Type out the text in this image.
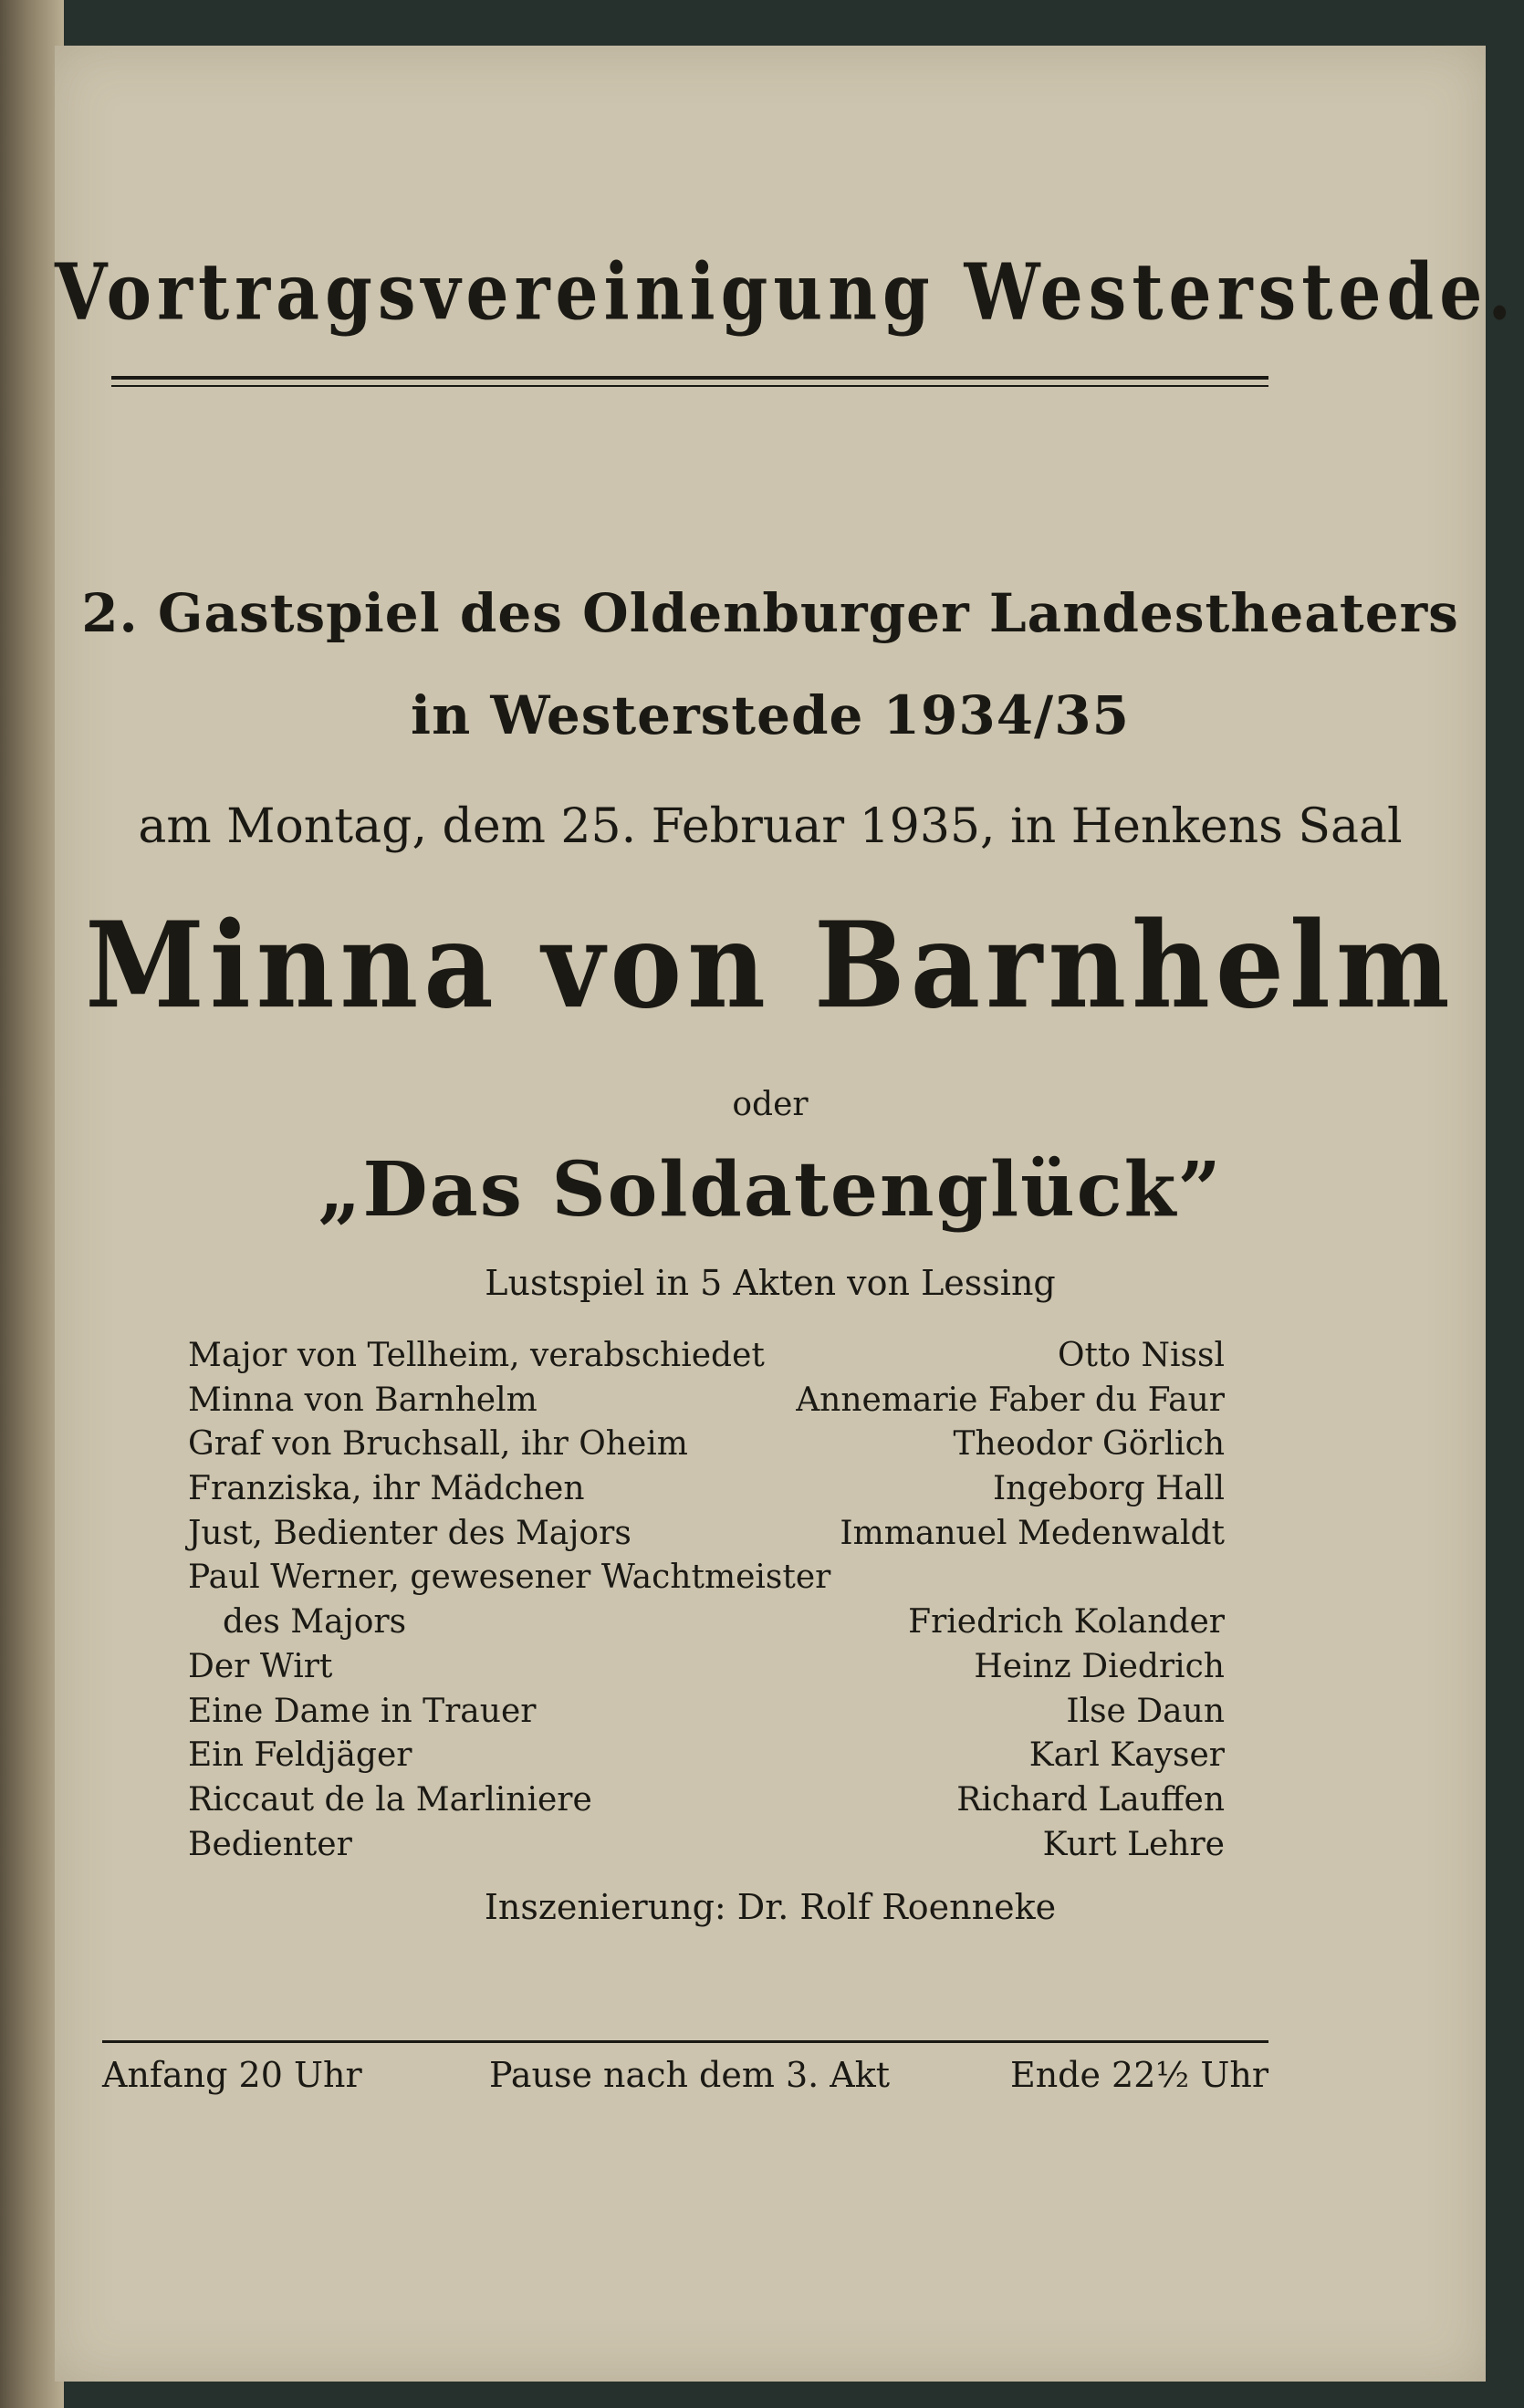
Vortragsvereinigung Westerstede.
2. Gastspiel des Oldenburger Landestheaters
in Westerstede 1934/35
am Montag, dem 25. Februar 1935, in Henkens Saal
Minna von Barnhelm
oder
„Das Soldatenglück”
Lustspiel in 5 Akten von Lessing
Major von Tellheim, verabschiedet	Otto Nissl
Minna von Barnhelm	Annemarie Faber du Faur
Graf von Bruchsall, ihr Oheim	Theodor Görlich
Franziska, ihr Mädchen	Ingeborg Hall
Just, Bedienter des Majors	Immanuel Medenwaldt
Paul Werner, gewesener Wachtmeister
des Majors	Friedrich Kolander
Der Wirt	Heinz Diedrich
Eine Dame in Trauer	Ilse Daun
Ein Feldjäger	Karl Kayser
Riccaut de la Marliniere	Richard Lauffen
Bedienter	Kurt Lehre
Inszenierung: Dr. Rolf Roenneke
Anfang 20 Uhr	Pause nach dem 3. Akt	Ende 22½ Uhr
